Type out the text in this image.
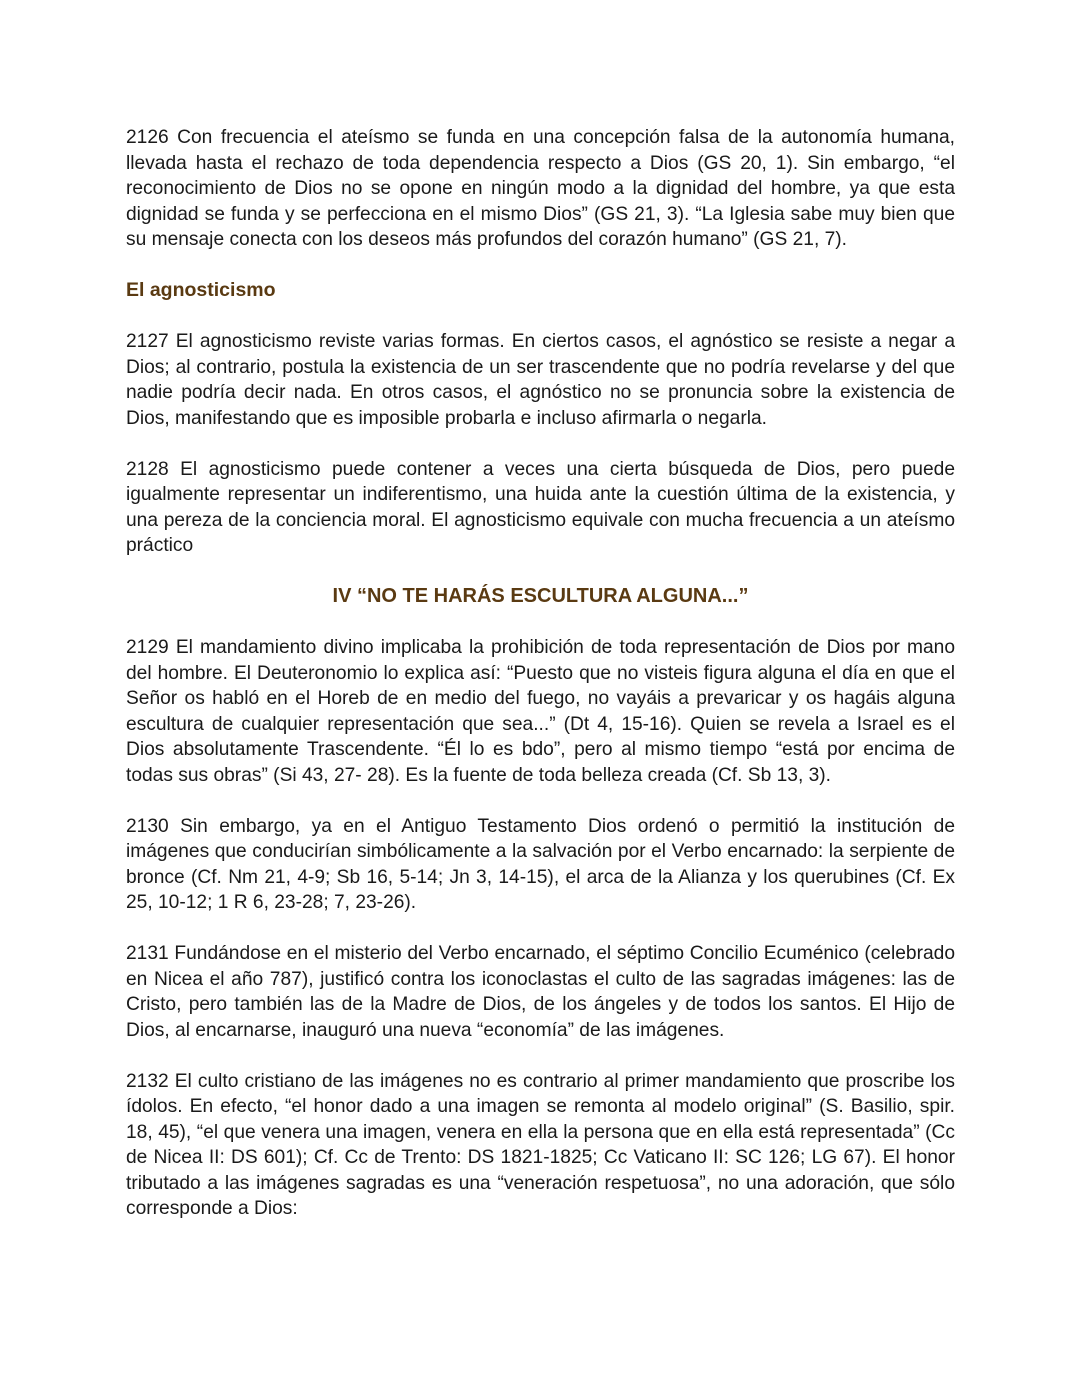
2126 Con frecuencia el ateísmo se funda en una concepción falsa de la autonomía humana, llevada hasta el rechazo de toda dependencia respecto a Dios (GS 20, 1). Sin embargo, “el reconocimiento de Dios no se opone en ningún modo a la dignidad del hombre, ya que esta dignidad se funda y se perfecciona en el mismo Dios” (GS 21, 3). “La Iglesia sabe muy bien que su mensaje conecta con los deseos más profundos del corazón humano” (GS 21, 7).

El agnosticismo

2127 El agnosticismo reviste varias formas. En ciertos casos, el agnóstico se resiste a negar a Dios; al contrario, postula la existencia de un ser trascendente que no podría revelarse y del que nadie podría decir nada. En otros casos, el agnóstico no se pronuncia sobre la existencia de Dios, manifestando que es imposible probarla e incluso afirmarla o negarla.

2128 El agnosticismo puede contener a veces una cierta búsqueda de Dios, pero puede igualmente representar un indiferentismo, una huida ante la cuestión última de la existencia, y una pereza de la conciencia moral. El agnosticismo equivale con mucha frecuencia a un ateísmo práctico

IV “NO TE HARÁS ESCULTURA ALGUNA...”

2129 El mandamiento divino implicaba la prohibición de toda representación de Dios por mano del hombre. El Deuteronomio lo explica así: “Puesto que no visteis figura alguna el día en que el Señor os habló en el Horeb de en medio del fuego, no vayáis a prevaricar y os hagáis alguna escultura de cualquier representación que sea...” (Dt 4, 15-16). Quien se revela a Israel es el Dios absolutamente Trascendente. “Él lo es bdo”, pero al mismo tiempo “está por encima de todas sus obras” (Si 43, 27- 28). Es la fuente de toda belleza creada (Cf. Sb 13, 3).

2130 Sin embargo, ya en el Antiguo Testamento Dios ordenó o permitió la institución de imágenes que conducirían simbólicamente a la salvación por el Verbo encarnado: la serpiente de bronce (Cf. Nm 21, 4-9; Sb 16, 5-14; Jn 3, 14-15), el arca de la Alianza y los querubines (Cf. Ex 25, 10-12; 1 R 6, 23-28; 7, 23-26).

2131 Fundándose en el misterio del Verbo encarnado, el séptimo Concilio Ecuménico (celebrado en Nicea el año 787), justificó contra los iconoclastas el culto de las sagradas imágenes: las de Cristo, pero también las de la Madre de Dios, de los ángeles y de todos los santos. El Hijo de Dios, al encarnarse, inauguró una nueva “economía” de las imágenes.

2132 El culto cristiano de las imágenes no es contrario al primer mandamiento que proscribe los ídolos. En efecto, “el honor dado a una imagen se remonta al modelo original” (S. Basilio, spir. 18, 45), “el que venera una imagen, venera en ella la persona que en ella está representada” (Cc de Nicea II: DS 601); Cf. Cc de Trento: DS 1821-1825; Cc Vaticano II: SC 126; LG 67). El honor tributado a las imágenes sagradas es una “veneración respetuosa”, no una adoración, que sólo corresponde a Dios:
